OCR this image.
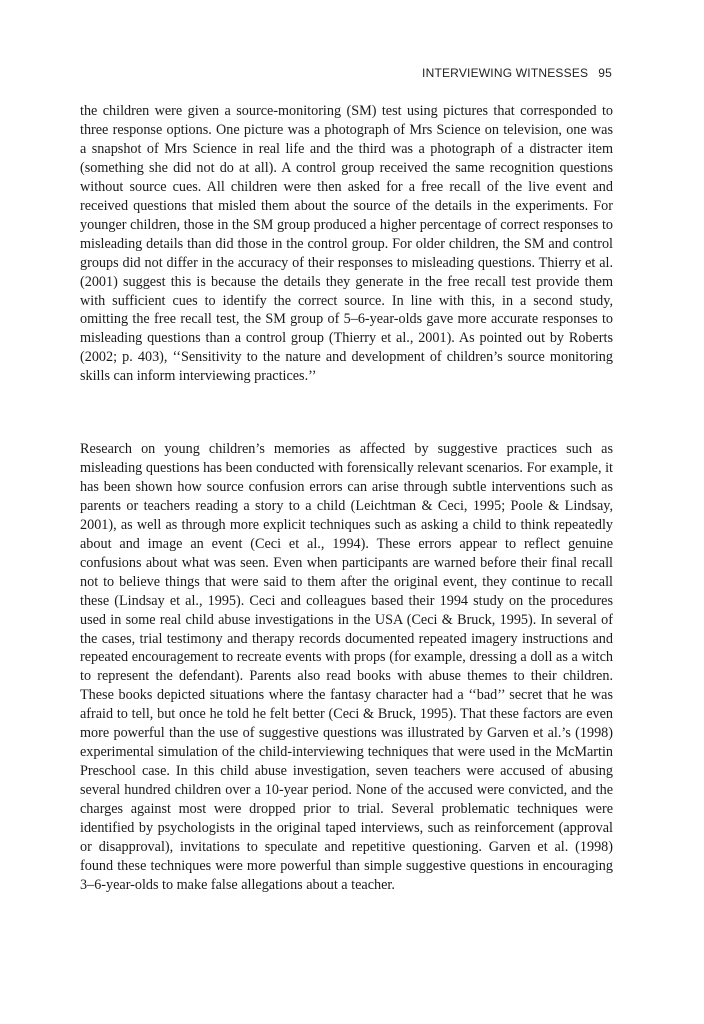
INTERVIEWING WITNESSES 95

the children were given a source-monitoring (SM) test using pictures that corresponded to three response options. One picture was a photograph of Mrs Science on television, one was a snapshot of Mrs Science in real life and the third was a photograph of a distracter item (something she did not do at all). A control group received the same recognition questions without source cues. All children were then asked for a free recall of the live event and received questions that misled them about the source of the details in the experiments. For younger children, those in the SM group produced a higher percentage of correct responses to misleading details than did those in the control group. For older children, the SM and control groups did not differ in the accuracy of their responses to misleading questions. Thierry et al. (2001) suggest this is because the details they generate in the free recall test provide them with sufficient cues to identify the correct source. In line with this, in a second study, omitting the free recall test, the SM group of 5–6-year-olds gave more accurate responses to misleading questions than a control group (Thierry et al., 2001). As pointed out by Roberts (2002; p. 403), ‘‘Sensitivity to the nature and development of children’s source monitoring skills can inform interviewing practices.’’

Research on young children’s memories as affected by suggestive practices such as misleading questions has been conducted with forensically relevant scenarios. For example, it has been shown how source confusion errors can arise through subtle interventions such as parents or teachers reading a story to a child (Leichtman & Ceci, 1995; Poole & Lindsay, 2001), as well as through more explicit techniques such as asking a child to think repeatedly about and image an event (Ceci et al., 1994). These errors appear to reflect genuine confusions about what was seen. Even when participants are warned before their final recall not to believe things that were said to them after the original event, they continue to recall these (Lindsay et al., 1995). Ceci and colleagues based their 1994 study on the procedures used in some real child abuse investigations in the USA (Ceci & Bruck, 1995). In several of the cases, trial testimony and therapy records documented repeated imagery instructions and repeated encouragement to recreate events with props (for example, dressing a doll as a witch to represent the defendant). Parents also read books with abuse themes to their children. These books depicted situations where the fantasy character had a ‘‘bad’’ secret that he was afraid to tell, but once he told he felt better (Ceci & Bruck, 1995). That these factors are even more powerful than the use of suggestive questions was illustrated by Garven et al.’s (1998) experimental simulation of the child-interviewing techniques that were used in the McMartin Preschool case. In this child abuse investigation, seven teachers were accused of abusing several hundred children over a 10-year period. None of the accused were convicted, and the charges against most were dropped prior to trial. Several problematic techniques were identified by psychologists in the original taped interviews, such as reinforcement (approval or disapproval), invitations to speculate and repetitive questioning. Garven et al. (1998) found these techniques were more powerful than simple suggestive questions in encouraging 3–6-year-olds to make false allegations about a teacher.
